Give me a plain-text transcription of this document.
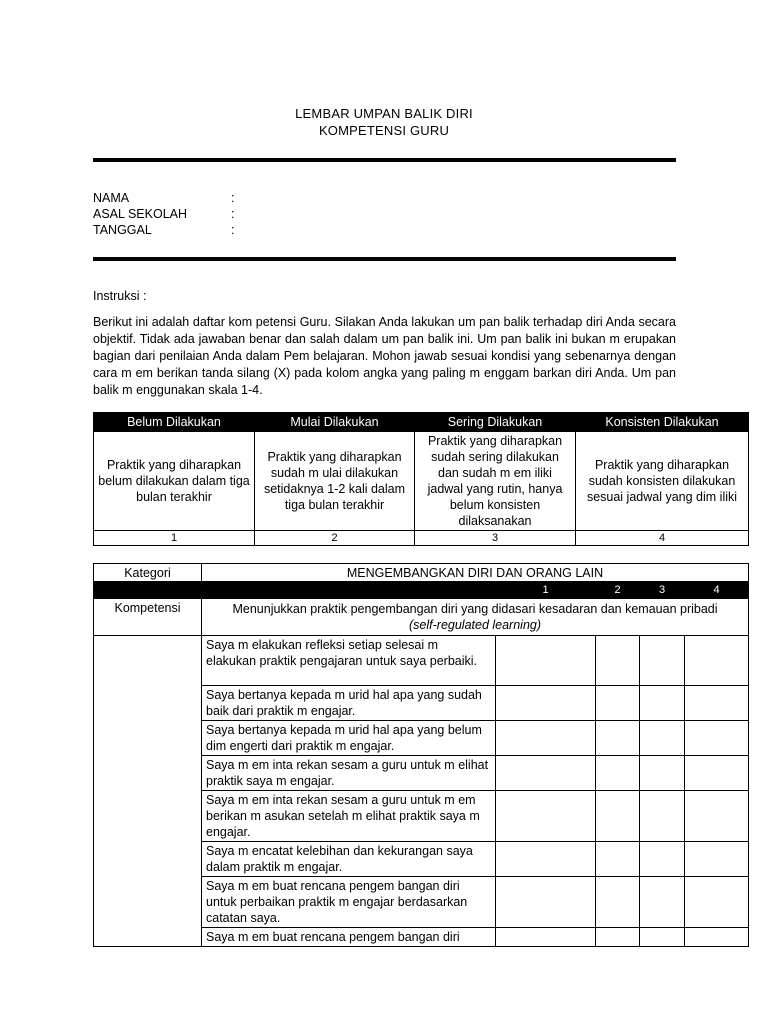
LEMBAR UMPAN BALIK DIRI
KOMPETENSI GURU
NAMA	:
ASAL SEKOLAH	:
TANGGAL	:
Instruksi :
Berikut ini adalah daftar kom petensi Guru. Silakan Anda lakukan um pan balik terhadap diri Anda secara objektif. Tidak ada jawaban benar dan salah dalam um pan balik ini. Um pan balik ini bukan m erupakan bagian dari penilaian Anda dalam Pem belajaran. Mohon jawab sesuai kondisi yang sebenarnya dengan cara m em berikan tanda silang (X) pada kolom angka yang paling m enggam barkan diri Anda. Um pan balik m enggunakan skala 1-4.
Belum Dilakukan	Mulai Dilakukan	Sering Dilakukan	Konsisten Dilakukan
Praktik yang diharapkan belum dilakukan dalam tiga bulan terakhir	Praktik yang diharapkan sudah m ulai dilakukan setidaknya 1-2 kali dalam tiga bulan terakhir	Praktik yang diharapkan sudah sering dilakukan dan sudah m em iliki jadwal yang rutin, hanya belum konsisten dilaksanakan	Praktik yang diharapkan sudah konsisten dilakukan sesuai jadwal yang dim iliki
1	2	3	4
Kategori	MENGEMBANGKAN DIRI DAN ORANG LAIN				
		1	2	3	4
Kompetensi	Menunjukkan praktik pengembangan diri yang didasari kesadaran dan kemauan pribadi
(self-regulated learning)				
	Saya m elakukan refleksi setiap selesai m elakukan praktik pengajaran untuk saya perbaiki.				
	Saya bertanya kepada m urid hal apa yang sudah baik dari praktik m engajar.				
	Saya bertanya kepada m urid hal apa yang belum dim engerti dari praktik m engajar.				
	Saya m em inta rekan sesam a guru untuk m elihat praktik saya m engajar.				
	Saya m em inta rekan sesam a guru untuk m em berikan m asukan setelah m elihat praktik saya m engajar.				
	Saya m encatat kelebihan dan kekurangan saya dalam praktik m engajar.				
	Saya m em buat rencana pengem bangan diri untuk perbaikan praktik m engajar berdasarkan catatan saya.				
	Saya m em buat rencana pengem bangan diri				
